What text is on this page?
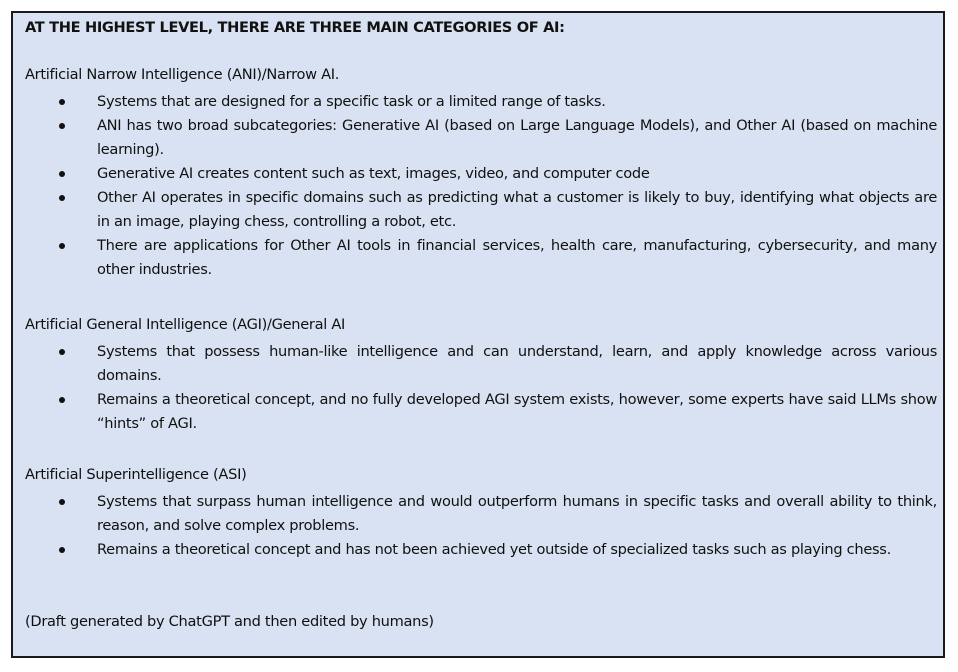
AT THE HIGHEST LEVEL, THERE ARE THREE MAIN CATEGORIES OF AI:
Artificial Narrow Intelligence (ANI)/Narrow AI.
Systems that are designed for a specific task or a limited range of tasks.
ANI has two broad subcategories: Generative AI (based on Large Language Models), and Other AI (based on machine learning).
Generative AI creates content such as text, images, video, and computer code
Other AI operates in specific domains such as predicting what a customer is likely to buy, identifying what objects are in an image, playing chess, controlling a robot, etc.
There are applications for Other AI tools in financial services, health care, manufacturing, cybersecurity, and many other industries.
Artificial General Intelligence (AGI)/General AI
Systems that possess human-like intelligence and can understand, learn, and apply knowledge across various domains.
Remains a theoretical concept, and no fully developed AGI system exists, however, some experts have said LLMs show “hints” of AGI.
Artificial Superintelligence (ASI)
Systems that surpass human intelligence and would outperform humans in specific tasks and overall ability to think, reason, and solve complex problems.
Remains a theoretical concept and has not been achieved yet outside of specialized tasks such as playing chess.
(Draft generated by ChatGPT and then edited by humans)
